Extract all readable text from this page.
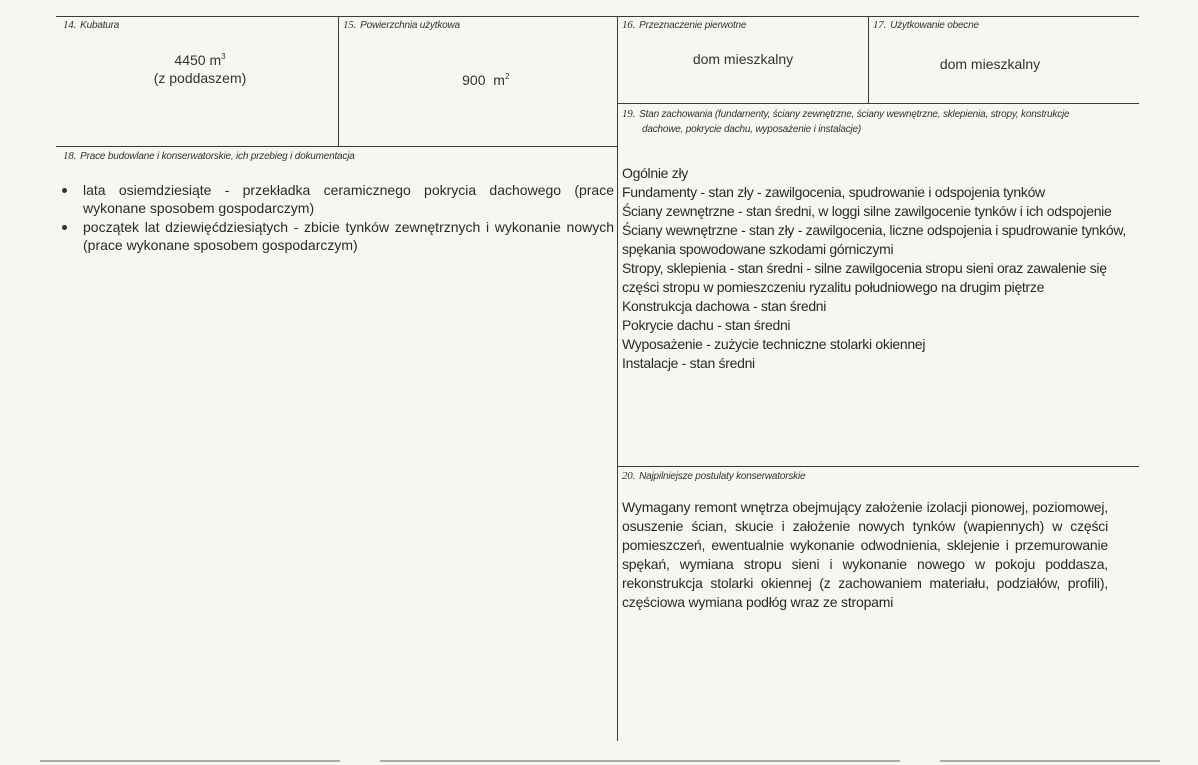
14. Kubatura
4450 $m^3$
(z poddaszem)
15. Powierzchnia użytkowa

900  $m^2$

16. Przeznaczenie pierwotne
dom mieszkalny
17. Użytkowanie obecne
dom mieszkalny
18. Prace budowlane i konserwatorskie, ich przebieg i dokumentacja
lata osiemdziesiąte - przekładka ceramicznego pokrycia dachowego (prace wykonane sposobem gospodarczym)
początek lat dziewięćdziesiątych - zbicie tynków zewnętrznych i wykonanie nowych (prace wykonane sposobem gospodarczym)
19. Stan zachowania (fundamenty, ściany zewnętrzne, ściany wewnętrzne, sklepienia, stropy, konstrukcje
dachowe, pokrycie dachu, wyposażenie i instalacje)
Ogólnie zły
Fundamenty - stan zły - zawilgocenia, spudrowanie i odspojenia tynków
Ściany zewnętrzne - stan średni, w loggi silne zawilgocenie tynków i ich odspojenie
Ściany wewnętrzne - stan zły - zawilgocenia, liczne odspojenia i spudrowanie tynków,
spękania spowodowane szkodami górniczymi
Stropy, sklepienia - stan średni - silne zawilgocenia stropu sieni oraz zawalenie się
części stropu w pomieszczeniu ryzalitu południowego na drugim piętrze
Konstrukcja dachowa - stan średni
Pokrycie dachu - stan średni
Wyposażenie - zużycie techniczne stolarki okiennej
Instalacje - stan średni
20. Najpilniejsze postulaty konserwatorskie
Wymagany remont wnętrza obejmujący założenie izolacji pionowej, poziomowej, osuszenie ścian, skucie i założenie nowych tynków (wapiennych) w części pomieszczeń, ewentualnie wykonanie odwodnienia, sklejenie i przemurowanie spękań, wymiana stropu sieni i wykonanie nowego w pokoju poddasza, rekonstrukcja stolarki okiennej (z zachowaniem materiału, podziałów, profili), częściowa wymiana podłóg wraz ze stropami
